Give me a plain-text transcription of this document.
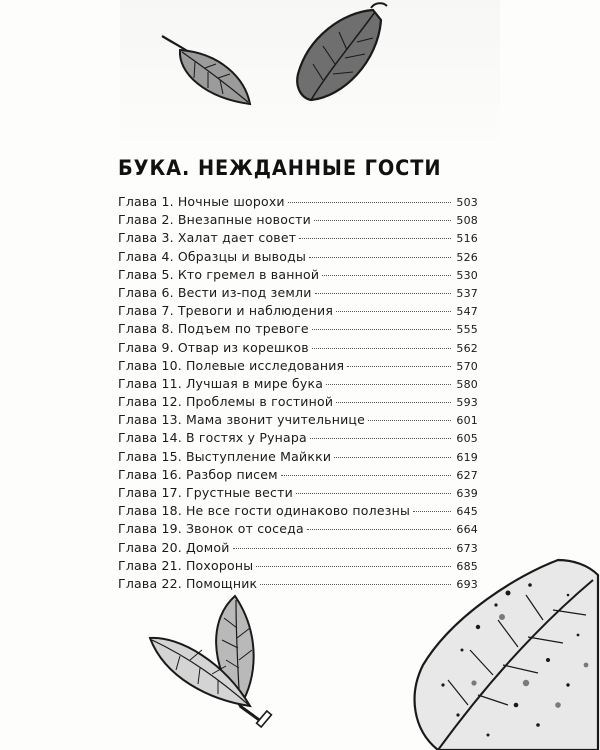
БУКА. НЕЖДАННЫЕ ГОСТИ
Глава 1. Ночные шорохи	503
Глава 2. Внезапные новости	508
Глава 3. Халат дает совет	516
Глава 4. Образцы и выводы	526
Глава 5. Кто гремел в ванной	530
Глава 6. Вести из-под земли	537
Глава 7. Тревоги и наблюдения	547
Глава 8. Подъем по тревоге	555
Глава 9. Отвар из корешков	562
Глава 10. Полевые исследования	570
Глава 11. Лучшая в мире бука	580
Глава 12. Проблемы в гостиной	593
Глава 13. Мама звонит учительнице	601
Глава 14. В гостях у Рунара	605
Глава 15. Выступление Майкки	619
Глава 16. Разбор писем	627
Глава 17. Грустные вести	639
Глава 18. Не все гости одинаково полезны	645
Глава 19. Звонок от соседа	664
Глава 20. Домой	673
Глава 21. Похороны	685
Глава 22. Помощник	693
